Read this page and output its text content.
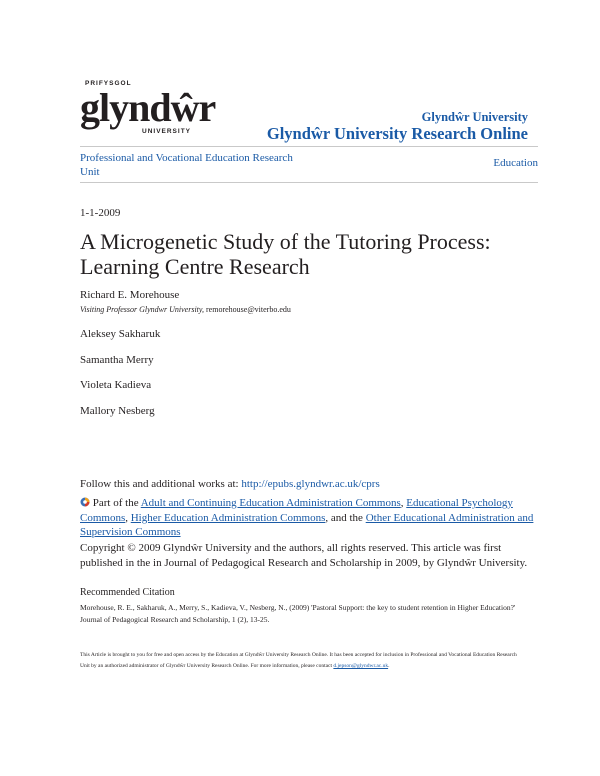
PRIFYSGOL
glyndŵr
UNIVERSITY
Glyndŵr University
Glyndŵr University Research Online
Professional and Vocational Education Research Unit
Education
1-1-2009
A Microgenetic Study of the Tutoring Process: Learning Centre Research
Richard E. Morehouse
Visiting Professor Glyndwr University, remorehouse@viterbo.edu
Aleksey Sakharuk
Samantha Merry
Violeta Kadieva
Mallory Nesberg
Follow this and additional works at: http://epubs.glyndwr.ac.uk/cprs
Part of the Adult and Continuing Education Administration Commons, Educational Psychology Commons, Higher Education Administration Commons, and the Other Educational Administration and Supervision Commons
Copyright © 2009 Glyndŵr University and the authors, all rights reserved. This article was first published in the in Journal of Pedagogical Research and Scholarship in 2009, by Glyndŵr University.
Recommended Citation
Morehouse, R. E., Sakharuk, A., Merry, S., Kadieva, V., Nesberg, N., (2009) 'Pastoral Support: the key to student retention in Higher Education?' Journal of Pedagogical Research and Scholarship, 1 (2), 13-25.
This Article is brought to you for free and open access by the Education at Glyndŵr University Research Online. It has been accepted for inclusion in Professional and Vocational Education Research Unit by an authorized administrator of Glyndŵr University Research Online. For more information, please contact d.jepson@glyndwr.ac.uk.
